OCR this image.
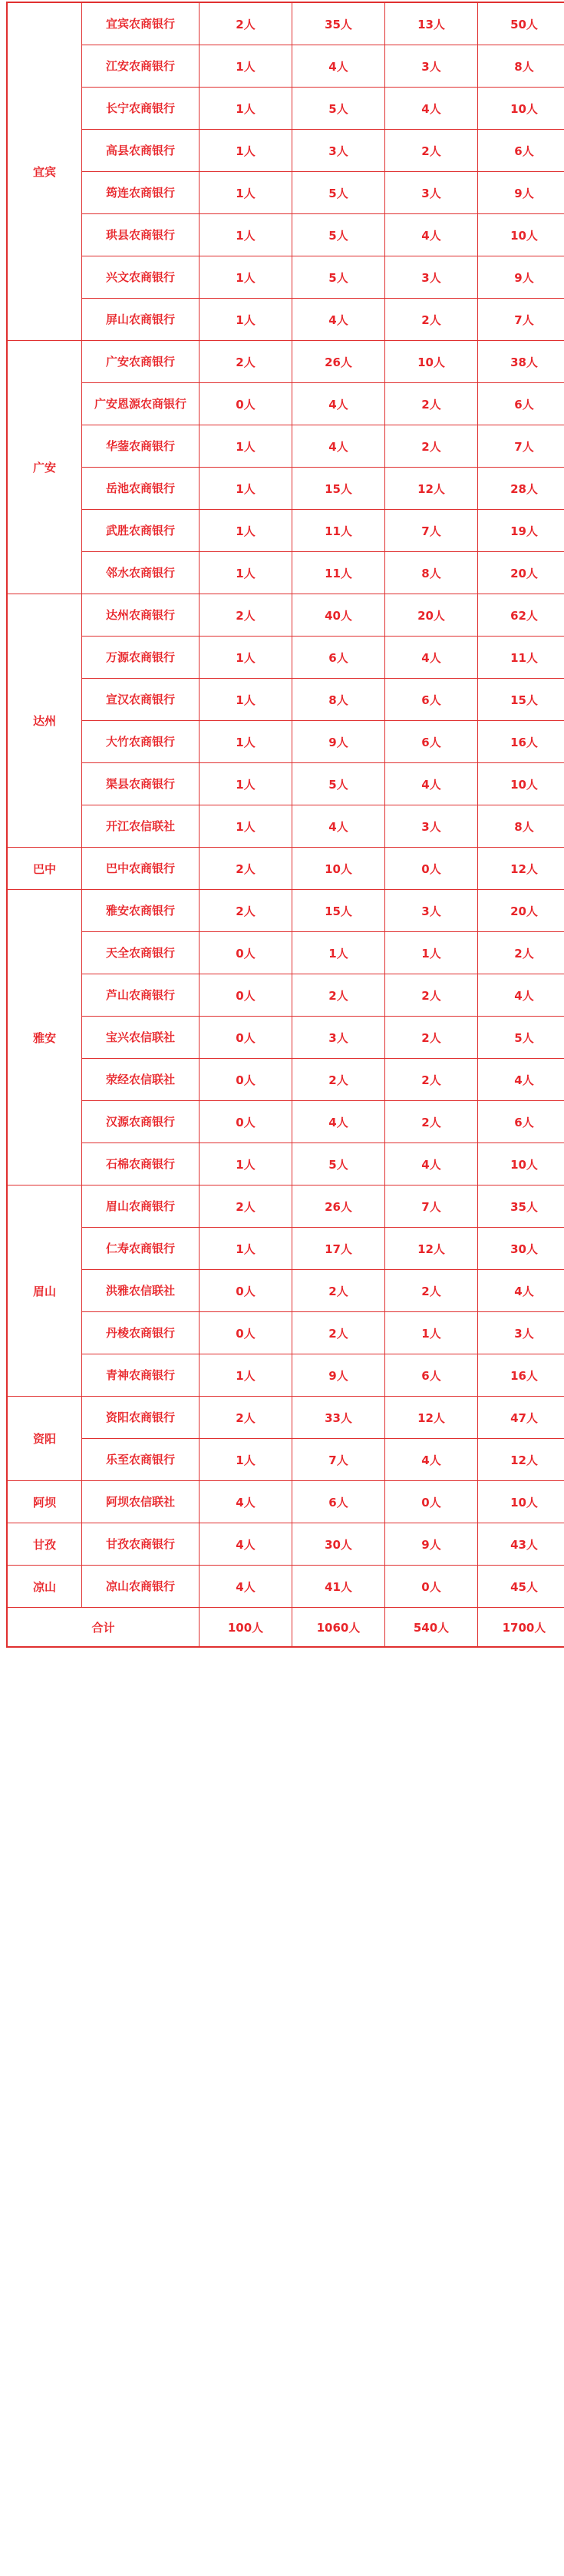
宜宾	宜宾农商银行	2人	35人	13人	50人
	江安农商银行	1人	4人	3人	8人
	长宁农商银行	1人	5人	4人	10人
	高县农商银行	1人	3人	2人	6人
	筠连农商银行	1人	5人	3人	9人
	珙县农商银行	1人	5人	4人	10人
	兴文农商银行	1人	5人	3人	9人
	屏山农商银行	1人	4人	2人	7人
广安	广安农商银行	2人	26人	10人	38人
	广安恩源农商银行	0人	4人	2人	6人
	华蓥农商银行	1人	4人	2人	7人
	岳池农商银行	1人	15人	12人	28人
	武胜农商银行	1人	11人	7人	19人
	邻水农商银行	1人	11人	8人	20人
达州	达州农商银行	2人	40人	20人	62人
	万源农商银行	1人	6人	4人	11人
	宣汉农商银行	1人	8人	6人	15人
	大竹农商银行	1人	9人	6人	16人
	渠县农商银行	1人	5人	4人	10人
	开江农信联社	1人	4人	3人	8人
巴中	巴中农商银行	2人	10人	0人	12人
雅安	雅安农商银行	2人	15人	3人	20人
	天全农商银行	0人	1人	1人	2人
	芦山农商银行	0人	2人	2人	4人
	宝兴农信联社	0人	3人	2人	5人
	荥经农信联社	0人	2人	2人	4人
	汉源农商银行	0人	4人	2人	6人
	石棉农商银行	1人	5人	4人	10人
眉山	眉山农商银行	2人	26人	7人	35人
	仁寿农商银行	1人	17人	12人	30人
	洪雅农信联社	0人	2人	2人	4人
	丹棱农商银行	0人	2人	1人	3人
	青神农商银行	1人	9人	6人	16人
资阳	资阳农商银行	2人	33人	12人	47人
	乐至农商银行	1人	7人	4人	12人
阿坝	阿坝农信联社	4人	6人	0人	10人
甘孜	甘孜农商银行	4人	30人	9人	43人
凉山	凉山农商银行	4人	41人	0人	45人
合计		100人	1060人	540人	1700人
